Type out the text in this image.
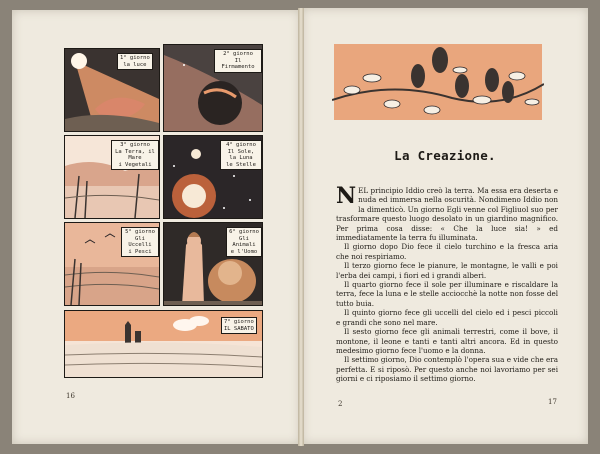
1° giorno
la luce
2° giorno
Il Firmamento
3° giorno
La Terra, il Mare
i Vegetali
4° giorno
Il Sole, la Luna
le Stelle
5° giorno
Gli Uccelli
i Pesci
6° giorno
Gli Animali
e l'Uomo
7° giorno
IL SABATO
16
La Creazione.

NEL principio Iddio creò la terra. Ma essa era deserta e nuda ed immersa nella oscurità. Nondimeno Iddio non la dimenticò. Un giorno Egli venne col Figliuol suo per trasformare questo luogo desolato in un giardino magnifico. Per prima cosa disse: « Che la luce sia! » ed immediatamente la terra fu illuminata.

Il giorno dopo Dio fece il cielo turchino e la fresca aria che noi respiriamo.

Il terzo giorno fece le pianure, le montagne, le valli e poi l'erba dei campi, i fiori ed i grandi alberi.

Il quarto giorno fece il sole per illuminare e riscaldare la terra, fece la luna e le stelle acciocchè la notte non fosse del tutto buia.

Il quinto giorno fece gli uccelli del cielo ed i pesci piccoli e grandi che sono nel mare.

Il sesto giorno fece gli animali terrestri, come il bove, il montone, il leone e tanti e tanti altri ancora. Ed in questo medesimo giorno fece l'uomo e la donna.

Il settimo giorno, Dio contemplò l'opera sua e vide che era perfetta. E si riposò. Per questo anche noi lavoriamo per sei giorni e ci riposiamo il settimo giorno.

2	17
